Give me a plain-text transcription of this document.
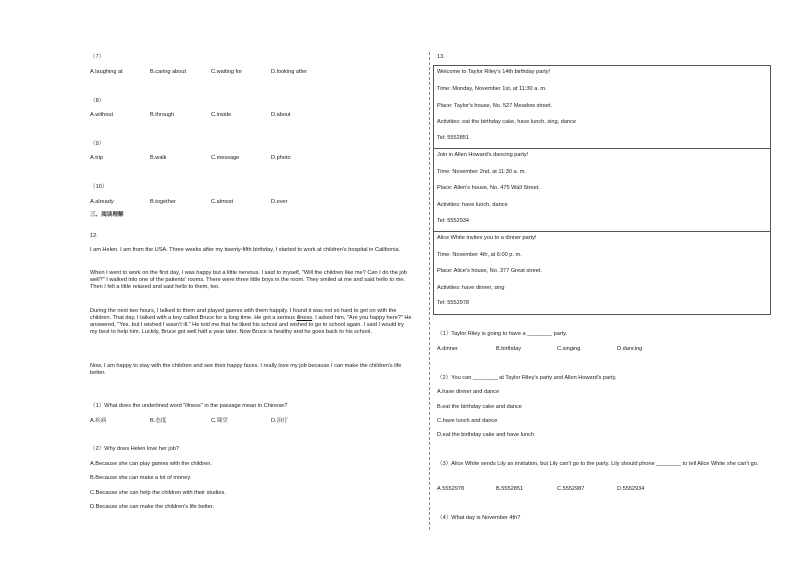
（7）
A.laughing at	B.caring about	C.waiting for	D.looking after
（8）
A.without	B.through	C.inside	D.about
（9）
A.trip	B.walk	C.message	D.photo
（10）
A.already	B.together	C.almost	D.ever
三、阅读理解
12.
I am Helen. I am from the USA. Three weeks after my twenty-fifth birthday, I started to work at children's hospital in California.
When I went to work on the first day, I was happy but a little nervous. I said to myself, "Will the children like me? Can I do the job well?" I walked into one of the patients' rooms. There were three little boys in the room. They smiled at me and said hello to me. Then I felt a little relaxed and said hello to them, too.
During the next two hours, I talked to them and played games with them happily. I found it was not so hard to get on with the children. That day, I talked with a boy called Bruce for a long time. He got a serious illness. I asked him, "Are you happy here?" He answered, "Yes, but I wished I wasn't ill." He told me that he liked his school and wished to go to school again. I said I would try my best to help him. Luckily, Bruce got well half a year later. Now Bruce is healthy and he goes back to his school.
Now, I am happy to stay with the children and see their happy faces. I really love my job because I can make the children's life better.
（1）What does the underlined word "illness" in the passage mean in Chinese?
A.疾病	B.态度	C.课堂	D.治疗
（2）Why does Helen love her job?
A.Because she can play games with the children.
B.Because she can make a lot of money.
C.Because she can help the children with their studies.
D.Because she can make the children's life better.
13.
Welcome to Taylor Riley's 14th birthday party!
Time: Monday, November 1st, at 11:30 a. m.
Place: Taylor's house, No. 527 Meadow street.
Activities: eat the birthday cake, have lunch, sing, dance
Tel: 5552851
Join in Allen Howard's dancing party!
Time: November 2nd, at 11:30 a. m.
Place: Allen's house, No. 475 Wall Street.
Activities: have lunch, dance
Tel: 5552934
Alice White invites you to a dinner party!
Time: November 4th, at 6:00 p. m.
Place: Alice's house, No. 377 Great street.
Activities: have dinner, sing
Tel: 5552978
（1）Taylor Riley is going to have a ________ party.
A.dinner	B.birthday	C.singing	D.dancing
（2）You can ________ at Taylor Riley's party and Allen Howard's party.
A.have dinner and dance
B.eat the birthday cake and dance
C.have lunch and dance
D.eat the birthday cake and have lunch
（3）Alice White sends Lily an invitation, but Lily can't go to the party. Lily should phone ________ to tell Alice White she can't go.
A.5552978	B.5552851	C.5552987	D.5552934
（4）What day is November 4th?
